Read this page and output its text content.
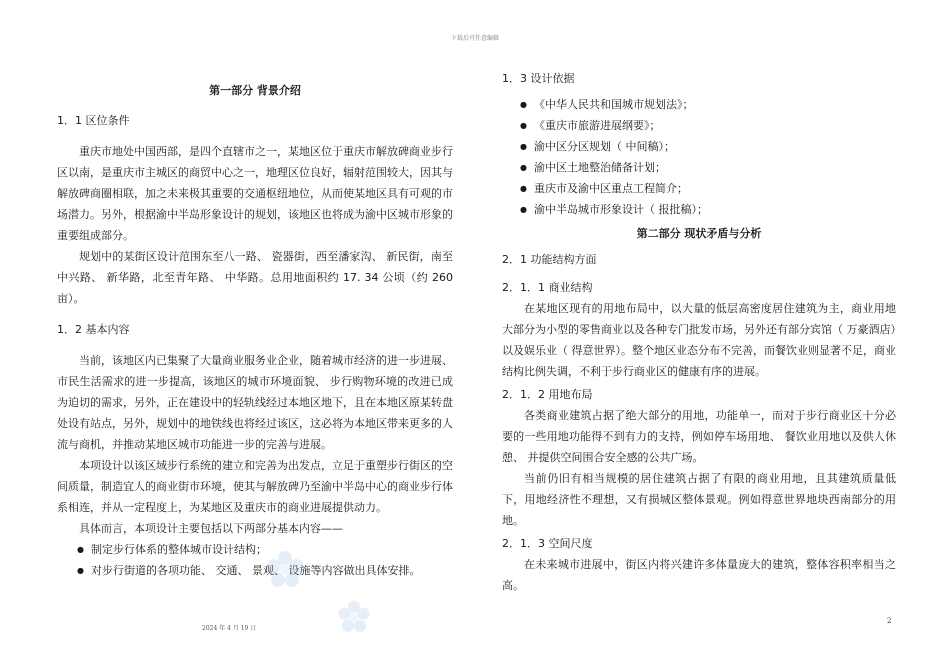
下载后可任意编辑
第一部分 背景介绍

1．1 区位条件

重庆市地处中国西部，是四个直辖市之一，某地区位于重庆市解放碑商业步行区以南，是重庆市主城区的商贸中心之一，地理区位良好，辐射范围较大，因其与解放碑商圈相联，加之未来极其重要的交通枢纽地位，从而使某地区具有可观的市场潜力。另外，根据渝中半岛形象设计的规划，该地区也将成为渝中区城市形象的重要组成部分。

规划中的某街区设计范围东至八一路、 瓷器街，西至潘家沟、 新民街，南至中兴路、 新华路，北至青年路、 中华路。总用地面积约 17. 34 公顷（约 260 亩）。

1．2 基本内容

当前，该地区内已集聚了大量商业服务业企业，随着城市经济的进一步进展、 市民生活需求的进一步提高，该地区的城市环境面貌、 步行购物环境的改进已成为迫切的需求，另外，正在建设中的轻轨线经过本地区地下，且在本地区原某转盘处设有站点，另外，规划中的地铁线也将经过该区，这必将为本地区带来更多的人流与商机，并推动某地区城市功能进一步的完善与进展。

本项设计以该区域步行系统的建立和完善为出发点，立足于重塑步行街区的空间质量，制造宜人的商业街市环境，使其与解放碑乃至渝中半岛中心的商业步行体系相连，并从一定程度上，为某地区及重庆市的商业进展提供动力。

具体而言，本项设计主要包括以下两部分基本内容——

● 制定步行体系的整体城市设计结构；
● 对步行街道的各项功能、 交通、 景观、 设施等内容做出具体安排。

1．3 设计依据

● 《中华人民共和国城市规划法》；
● 《重庆市旅游进展纲要》；
● 渝中区分区规划（ 中间稿）；
● 渝中区土地整治储备计划；
● 重庆市及渝中区重点工程简介；
● 渝中半岛城市形象设计（ 报批稿）；
第二部分 现状矛盾与分析

2．1 功能结构方面

2．1．1 商业结构

在某地区现有的用地布局中，以大量的低层高密度居住建筑为主，商业用地大部分为小型的零售商业以及各种专门批发市场，另外还有部分宾馆（ 万豪酒店）以及娱乐业（ 得意世界）。整个地区业态分布不完善，而餐饮业则显著不足，商业结构比例失调，不利于步行商业区的健康有序的进展。

2．1．2 用地布局

各类商业建筑占据了绝大部分的用地，功能单一，而对于步行商业区十分必要的一些用地功能得不到有力的支持，例如停车场用地、 餐饮业用地以及供人休憩、 并提供空间围合安全感的公共广场。

当前仍旧有相当规模的居住建筑占据了有限的商业用地，且其建筑质量低下，用地经济性不理想，又有损城区整体景观。例如得意世界地块西南部分的用地。

2．1．3 空间尺度

在未来城市进展中，街区内将兴建许多体量庞大的建筑，整体容积率相当之高。

2024 年 4 月 19 日
2
